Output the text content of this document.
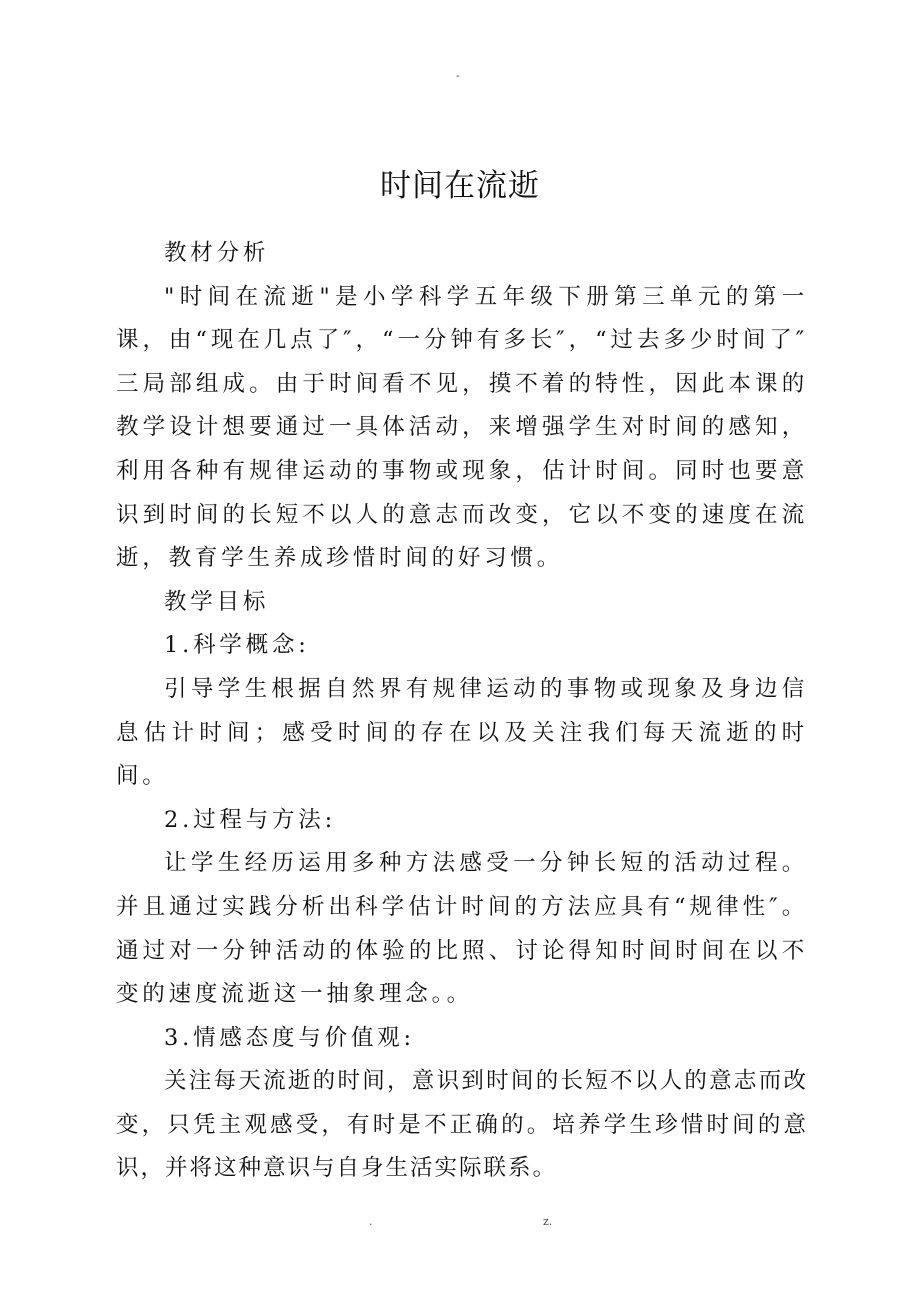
-
时间在流逝

教材分析

"时间在流逝"是小学科学五年级下册第三单元的第一课，由“现在几点了″，“一分钟有多长″，“过去多少时间了″三局部组成。由于时间看不见，摸不着的特性，因此本课的教学设计想要通过一具体活动，来增强学生对时间的感知，利用各种有规律运动的事物或现象，估计时间。同时也要意识到时间的长短不以人的意志而改变，它以不变的速度在流逝，教育学生养成珍惜时间的好习惯。

教学目标

1.科学概念:

引导学生根据自然界有规律运动的事物或现象及身边信息估计时间；感受时间的存在以及关注我们每天流逝的时间。

2.过程与方法:

让学生经历运用多种方法感受一分钟长短的活动过程。并且通过实践分析出科学估计时间的方法应具有“规律性″。通过对一分钟活动的体验的比照、讨论得知时间时间在以不变的速度流逝这一抽象理念。。

3.情感态度与价值观:

关注每天流逝的时间，意识到时间的长短不以人的意志而改变，只凭主观感受，有时是不正确的。培养学生珍惜时间的意识，并将这种意识与自身生活实际联系。

.	z.
